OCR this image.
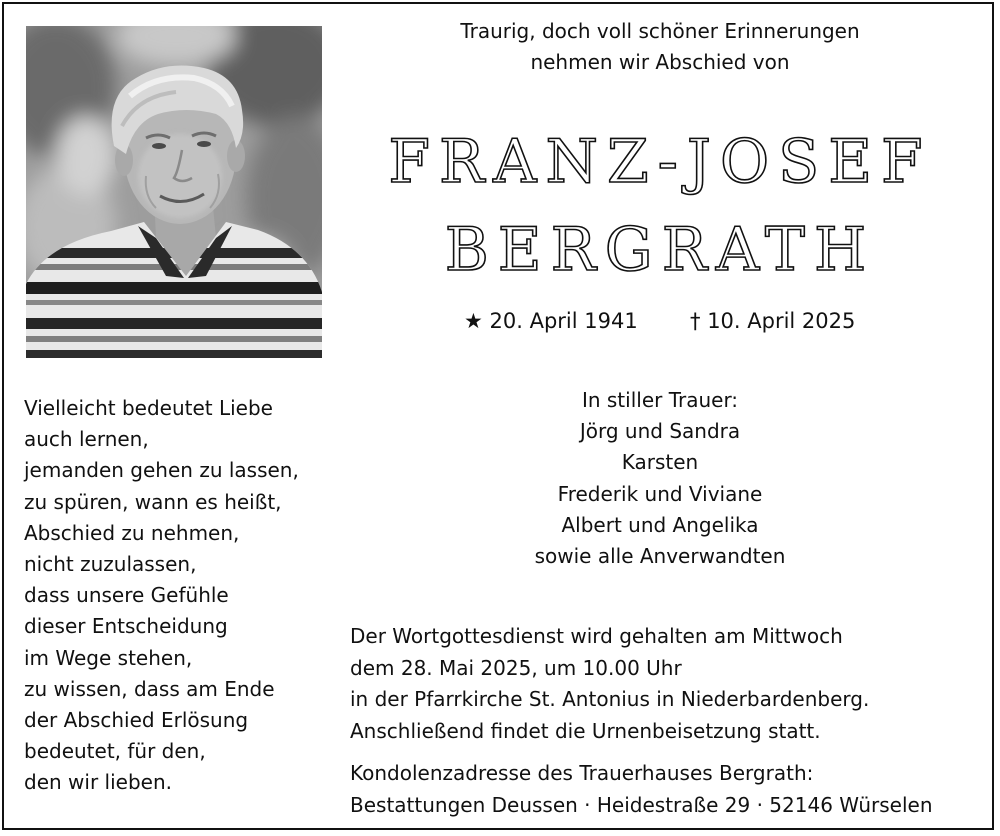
Traurig, doch voll schöner Erinnerungen
nehmen wir Abschied von
FRANZ-JOSEF
BERGRATH
★ 20. April 1941 † 10. April 2025
Vielleicht bedeutet Liebe
auch lernen,
jemanden gehen zu lassen,
zu spüren, wann es heißt,
Abschied zu nehmen,
nicht zuzulassen,
dass unsere Gefühle
dieser Entscheidung
im Wege stehen,
zu wissen, dass am Ende
der Abschied Erlösung
bedeutet, für den,
den wir lieben.
In stiller Trauer:
Jörg und Sandra
Karsten
Frederik und Viviane
Albert und Angelika
sowie alle Anverwandten
Der Wortgottesdienst wird gehalten am Mittwoch
dem 28. Mai 2025, um 10.00 Uhr
in der Pfarrkirche St. Antonius in Niederbardenberg.
Anschließend findet die Urnenbeisetzung statt.
Kondolenzadresse des Trauerhauses Bergrath:
Bestattungen Deussen · Heidestraße 29 · 52146 Würselen
